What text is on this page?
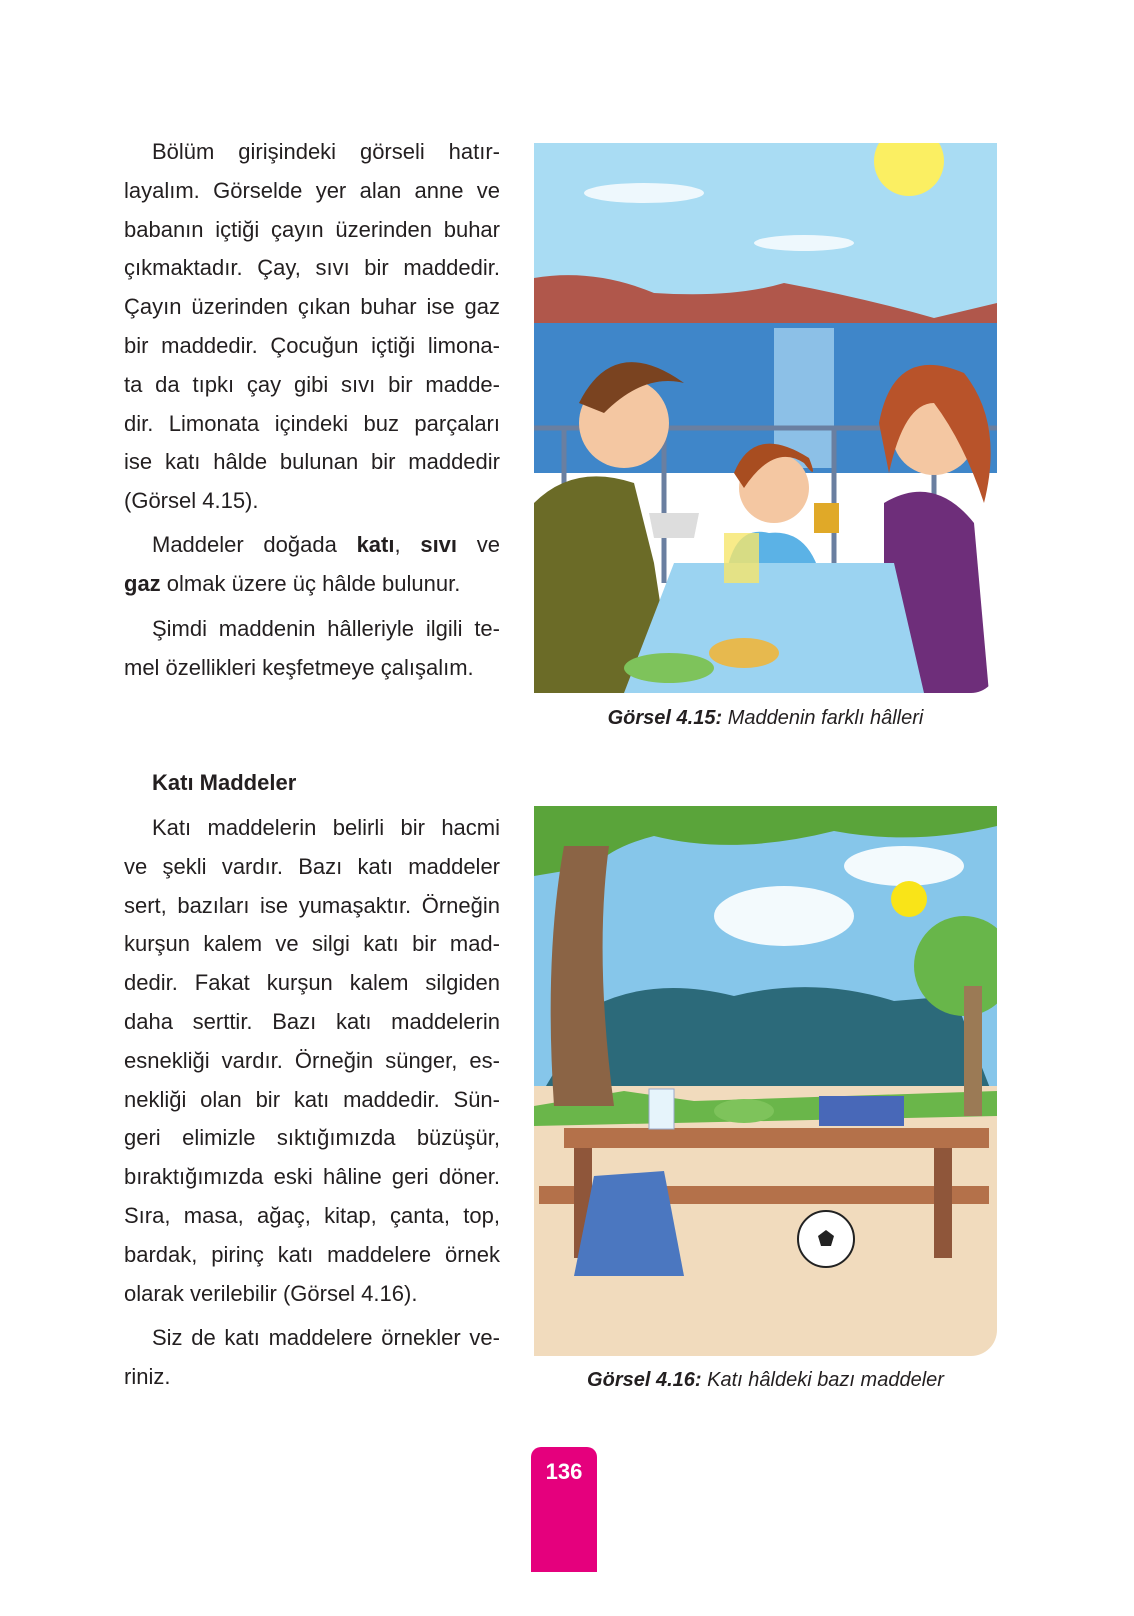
Bölüm girişindeki görseli hatır-
layalım. Görselde yer alan anne ve
babanın içtiği çayın üzerinden buhar
çıkmaktadır. Çay, sıvı bir maddedir.
Çayın üzerinden çıkan buhar ise gaz
bir maddedir. Çocuğun içtiği limona-
ta da tıpkı çay gibi sıvı bir madde-
dir. Limonata içindeki buz parçaları
ise katı hâlde bulunan bir maddedir
(Görsel 4.15).
Maddeler doğada katı, sıvı ve
gaz olmak üzere üç hâlde bulunur.
Şimdi maddenin hâlleriyle ilgili te-
mel özellikleri keşfetmeye çalışalım.
Katı Maddeler
Katı maddelerin belirli bir hacmi
ve şekli vardır. Bazı katı maddeler
sert, bazıları ise yumaşaktır. Örneğin
kurşun kalem ve silgi katı bir mad-
dedir. Fakat kurşun kalem silgiden
daha serttir. Bazı katı maddelerin
esnekliği vardır. Örneğin sünger, es-
nekliği olan bir katı maddedir. Sün-
geri elimizle sıktığımızda büzüşür,
bıraktığımızda eski hâline geri döner.
Sıra, masa, ağaç, kitap, çanta, top,
bardak, pirinç katı maddelere örnek
olarak verilebilir (Görsel 4.16).
Siz de katı maddelere örnekler ve-
riniz.
Görsel 4.15: Maddenin farklı hâlleri
Görsel 4.16: Katı hâldeki bazı maddeler
136
